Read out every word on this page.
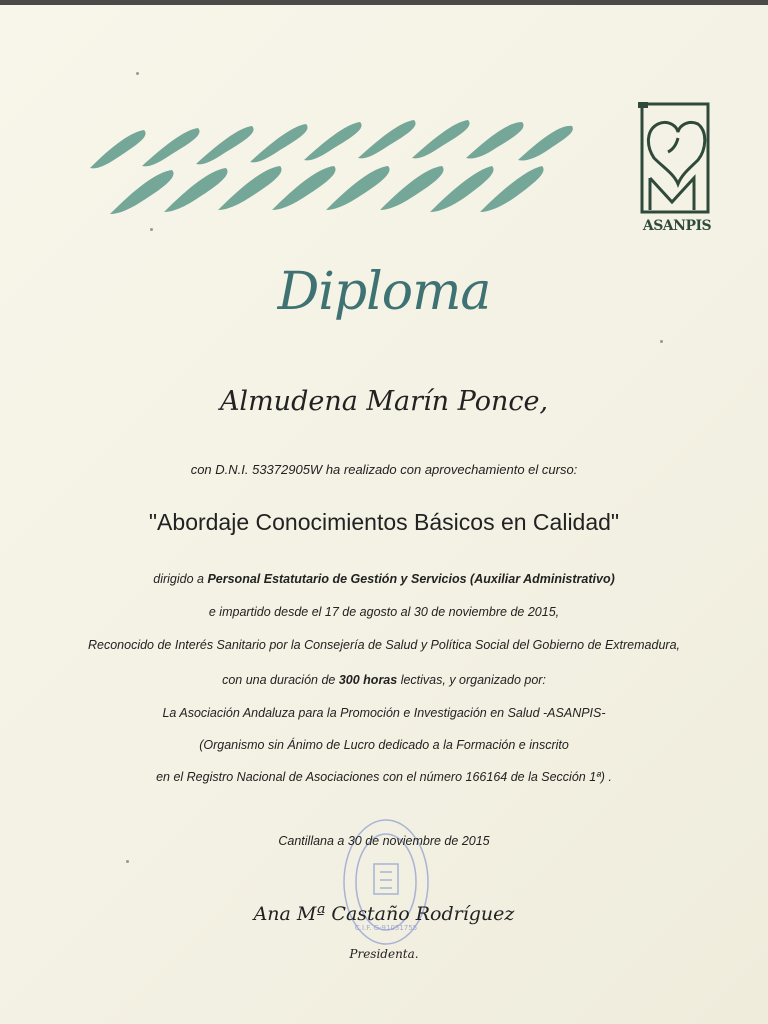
ASANPIS
Diploma
Almudena Marín Ponce,
con D.N.I. 53372905W ha realizado con aprovechamiento el curso:
"Abordaje Conocimientos Básicos en Calidad"
dirigido a Personal Estatutario de Gestión y Servicios (Auxiliar Administrativo)
e impartido desde el 17 de agosto al 30 de noviembre de 2015,
Reconocido de Interés Sanitario por la Consejería de Salud y Política Social del Gobierno de Extremadura,
con una duración de 300 horas lectivas, y organizado por:
La Asociación Andaluza para la Promoción e Investigación en Salud -ASANPIS-
(Organismo sin Ánimo de Lucro dedicado a la Formación e inscrito
en el Registro Nacional de Asociaciones con el número 166164 de la Sección 1ª) .
C.I.F. G-91051755
Cantillana a 30 de noviembre de 2015
Ana Mª Castaño Rodríguez
Presidenta.
